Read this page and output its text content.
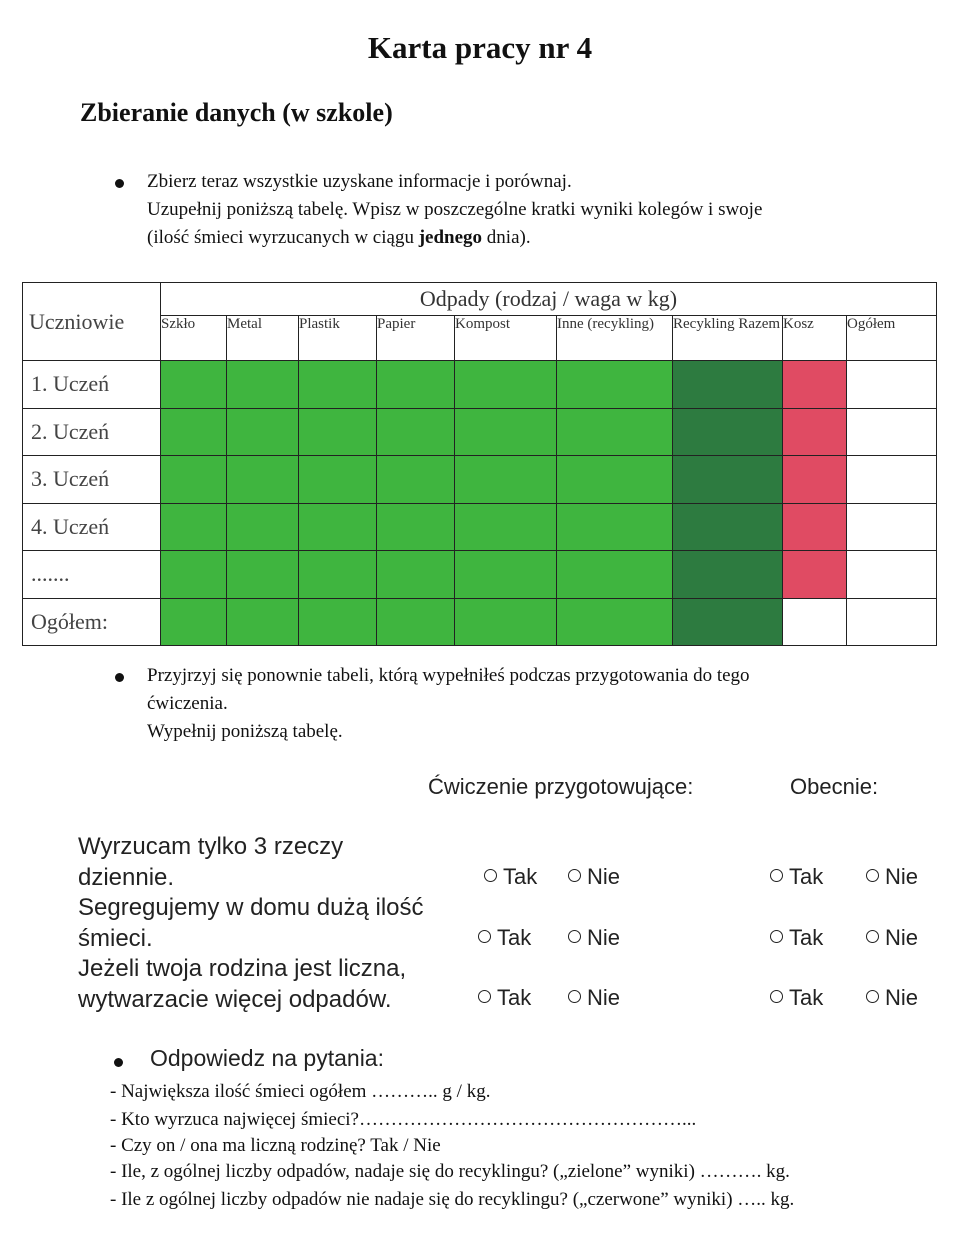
Karta pracy nr 4
Zbieranie danych (w szkole)
Zbierz teraz wszystkie uzyskane informacje i porównaj.
Uzupełnij poniższą tabelę. Wpisz w poszczególne kratki wyniki kolegów i swoje
(ilość śmieci wyrzucanych w ciągu jednego dnia).
Uczniowie	Odpady (rodzaj / waga w kg)								
	Szkło	Metal	Plastik	Papier	Kompost	Inne (recykling)	Recykling Razem	Kosz	Ogółem
1. Uczeń									
2. Uczeń									
3. Uczeń									
4. Uczeń									
.......									
Ogółem:									
Przyjrzyj się ponownie tabeli, którą wypełniłeś podczas przygotowania do tego
ćwiczenia.
Wypełnij poniższą tabelę.
Ćwiczenie przygotowujące:	Obecnie:
Wyrzucam tylko 3 rzeczy
dziennie.	Tak	Nie	Tak	Nie
Segregujemy w domu dużą ilość
śmieci.	Tak	Nie	Tak	Nie
Jeżeli twoja rodzina jest liczna,
wytwarzacie więcej odpadów.	Tak	Nie	Tak	Nie
Odpowiedz na pytania:
- Największa ilość śmieci ogółem ……….. g / kg.
- Kto wyrzuca najwięcej śmieci?……………………………………………...
- Czy on / ona ma liczną rodzinę? Tak / Nie
- Ile, z ogólnej liczby odpadów, nadaje się do recyklingu? („zielone” wyniki) ………. kg.
- Ile z ogólnej liczby odpadów nie nadaje się do recyklingu? („czerwone” wyniki) ….. kg.
